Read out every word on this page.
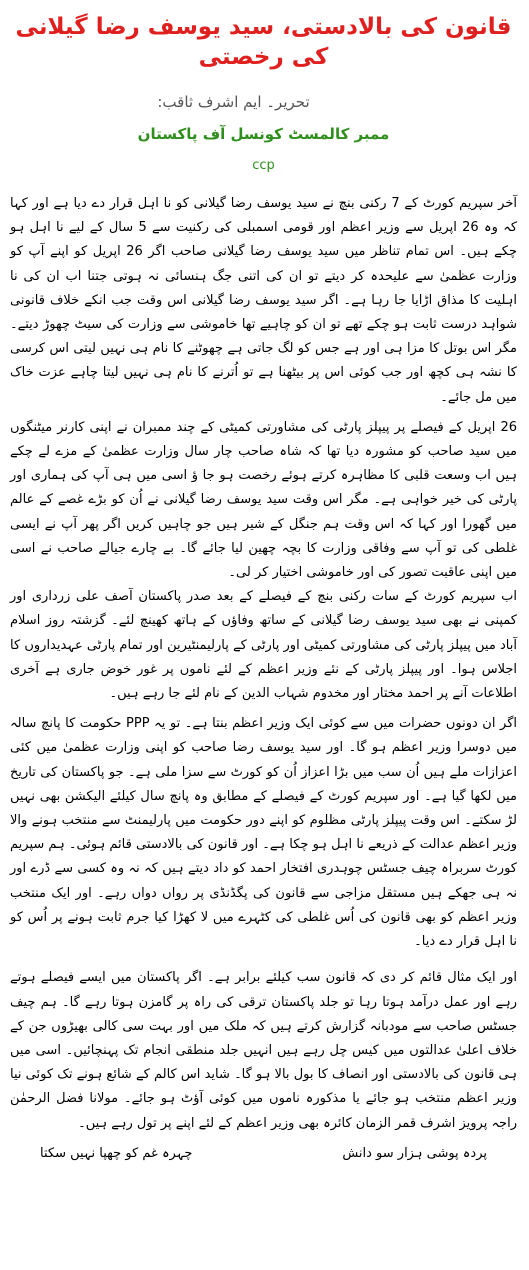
قانون کی بالادستی، سید یوسف رضا گیلانی کی رخصتی
تحریر۔ ایم اشرف ثاقب:
ممبر کالمسٹ کونسل آف پاکستان
ccp

آخر سپریم کورٹ کے 7 رکنی بنچ نے سید یوسف رضا گیلانی کو نا اہل قرار دے دیا ہے اور کہا کہ وہ 26 اپریل سے وزیر اعظم اور قومی اسمبلی کی رکنیت سے 5 سال کے لیے نا اہل ہو چکے ہیں۔ اس تمام تناظر میں سید یوسف رضا گیلانی صاحب اگر 26 اپریل کو اپنے آپ کو وزارت عظمیٰ سے علیحدہ کر دیتے تو ان کی اتنی جگ ہنسائی نہ ہوتی جتنا اب ان کی نا اہلیت کا مذاق اڑایا جا رہا ہے۔ اگر سید یوسف رضا گیلانی اس وقت جب انکے خلاف قانونی شواہد درست ثابت ہو چکے تھے تو ان کو چاہیے تھا خاموشی سے وزارت کی سیٹ چھوڑ دیتے۔ مگر اس بوتل کا مزا ہی اور ہے جس کو لگ جاتی ہے چھوٹنے کا نام ہی نہیں لیتی اس کرسی کا نشہ ہی کچھ اور جب کوئی اس پر بیٹھنا ہے تو اُترنے کا نام ہی نہیں لیتا چاہے عزت خاک میں مل جائے۔

26 اپریل کے فیصلے پر پیپلز پارٹی کی مشاورتی کمیٹی کے چند ممبران نے اپنی کارنر میٹنگوں میں سید صاحب کو مشورہ دیا تھا کہ شاہ صاحب چار سال وزارت عظمیٰ کے مزے لے چکے ہیں اب وسعت قلبی کا مظاہرہ کرتے ہوئے رخصت ہو جا ؤ اسی میں ہی آپ کی ہماری اور پارٹی کی خیر خواہی ہے۔ مگر اس وقت سید یوسف رضا گیلانی نے اُن کو بڑے غصے کے عالم میں گھورا اور کہا کہ اس وقت ہم جنگل کے شیر ہیں جو چاہیں کریں اگر پھر آپ نے ایسی غلطی کی تو آپ سے وفاقی وزارت کا بچہ چھین لیا جائے گا۔ بے چارے جیالے صاحب نے اسی میں اپنی عاقبت تصور کی اور خاموشی اختیار کر لی۔

اب سپریم کورٹ کے سات رکنی بنچ کے فیصلے کے بعد صدر پاکستان آصف علی زرداری اور کمپنی نے بھی سید یوسف رضا گیلانی کے ساتھ وفاؤں کے ہاتھ کھینچ لئے۔ گزشتہ روز اسلام آباد میں پیپلز پارٹی کی مشاورتی کمیٹی اور پارٹی کے پارلیمنٹیرین اور تمام پارٹی عہدیداروں کا اجلاس ہوا۔ اور پیپلز پارٹی کے نئے وزیر اعظم کے لئے ناموں پر غور خوض جاری ہے آخری اطلاعات آنے پر احمد مختار اور مخدوم شہاب الدین کے نام لئے جا رہے ہیں۔

اگر ان دونوں حضرات میں سے کوئی ایک وزیر اعظم بنتا ہے۔ تو یہ PPP حکومت کا پانچ سالہ میں دوسرا وزیر اعظم ہو گا۔ اور سید یوسف رضا صاحب کو اپنی وزارت عظمیٰ میں کئی اعزازات ملے ہیں اُن سب میں بڑا اعزاز اُن کو کورٹ سے سزا ملی ہے۔ جو پاکستان کی تاریخ میں لکھا گیا ہے۔ اور سپریم کورٹ کے فیصلے کے مطابق وہ پانچ سال کیلئے الیکشن بھی نہیں لڑ سکتے۔ اس وقت پیپلز پارٹی مظلوم کو اپنے دور حکومت میں پارلیمنٹ سے منتخب ہونے والا وزیر اعظم عدالت کے ذریعے نا اہل ہو چکا ہے۔ اور قانون کی بالادستی قائم ہوئی۔ ہم سپریم کورٹ سربراہ چیف جسٹس چوہدری افتخار احمد کو داد دیتے ہیں کہ نہ وہ کسی سے ڈرے اور نہ ہی جھکے ہیں مستقل مزاجی سے قانون کی پگڈنڈی پر رواں دواں رہے۔ اور ایک منتخب وزیر اعظم کو بھی قانون کی اُس غلطی کی کٹہرے میں لا کھڑا کیا جرم ثابت ہونے پر اُس کو نا اہل قرار دے دیا۔

اور ایک مثال قائم کر دی کہ قانون سب کیلئے برابر ہے۔ اگر پاکستان میں ایسے فیصلے ہوتے رہے اور عمل درآمد ہوتا رہا تو جلد پاکستان ترقی کی راہ پر گامزن ہوتا رہے گا۔ ہم چیف جسٹس صاحب سے مودبانہ گزارش کرتے ہیں کہ ملک میں اور بہت سی کالی بھیڑوں جن کے خلاف اعلیٰ عدالتوں میں کیس چل رہے ہیں انہیں جلد منطقی انجام تک پہنچائیں۔ اسی میں ہی قانون کی بالادستی اور انصاف کا بول بالا ہو گا۔ شاید اس کالم کے شائع ہونے تک کوئی نیا وزیر اعظم منتخب ہو جائے یا مذکورہ ناموں میں کوئی آؤٹ ہو جائے۔ مولانا فضل الرحمٰن راجہ پرویز اشرف قمر الزمان کائرہ بھی وزیر اعظم کے لئے اپنے پر تول رہے ہیں۔

پردہ پوشی ہزار سو دانش
چہرہ غم کو چھپا نہیں سکتا
